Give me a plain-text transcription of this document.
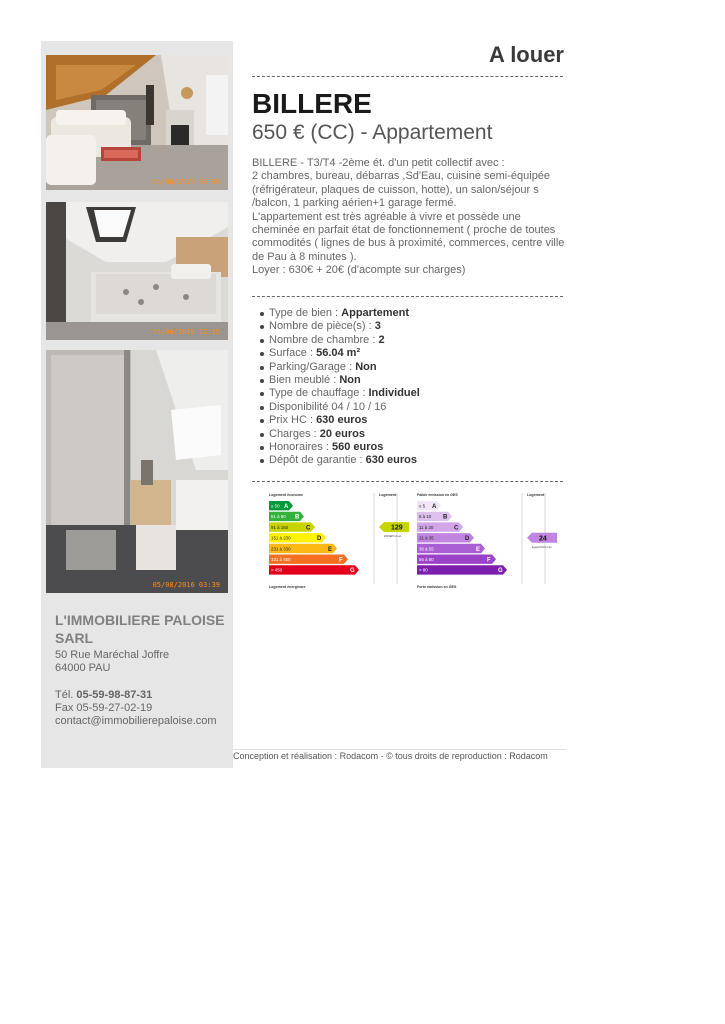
05/08/2016 03:39
05/08/2016 12:15
05/08/2016 03:39
L'IMMOBILIERE PALOISE SARL
50 Rue Maréchal Joffre
64000 PAU
Tél. 05-59-98-87-31
Fax 05-59-27-02-19
contact@immobilierepaloise.com
A louer
BILLERE
650 € (CC) - Appartement

BILLERE - T3/T4 -2ème ét. d'un petit collectif avec :

2 chambres, bureau, débarras ,Sd'Eau, cuisine semi-équipée (réfrigérateur, plaques de cuisson, hotte), un salon/séjour s /balcon, 1 parking aérien+1 garage fermé.

L'appartement est très agréable à vivre et possède une cheminée en parfait état de fonctionnement ( proche de toutes commodités ( lignes de bus à proximité, commerces, centre ville de Pau à 8 minutes ).

Loyer : 630€ + 20€ (d'acompte sur charges)

Type de bien : Appartement
Nombre de pièce(s) : 3
Nombre de chambre : 2
Surface : 56.04 m²
Parking/Garage : Non
Bien meublé : Non
Type de chauffage : Individuel
Disponibilité 04 / 10 / 16
Prix HC : 630 euros
Charges : 20 euros
Honoraires : 560 euros
Dépôt de garantie : 630 euros
Logement économe	Logement
≤ 50 A
51 à 90 B
91 à 150	C
151 à 230	D
231 à 330	E
331 à 450	F
> 450	G
Logement énergivore
129
kWhEP/m².an
Faible émission en GES	Logement
≤ 5 A
6 à 10 B
11 à 20	C
21 à 35	D
36 à 55	E
56 à 80	F
> 80	G
Forte émission en GES
24
kgéqCO2/m².an
Conception et réalisation : Rodacom - © tous droits de reproduction : Rodacom
